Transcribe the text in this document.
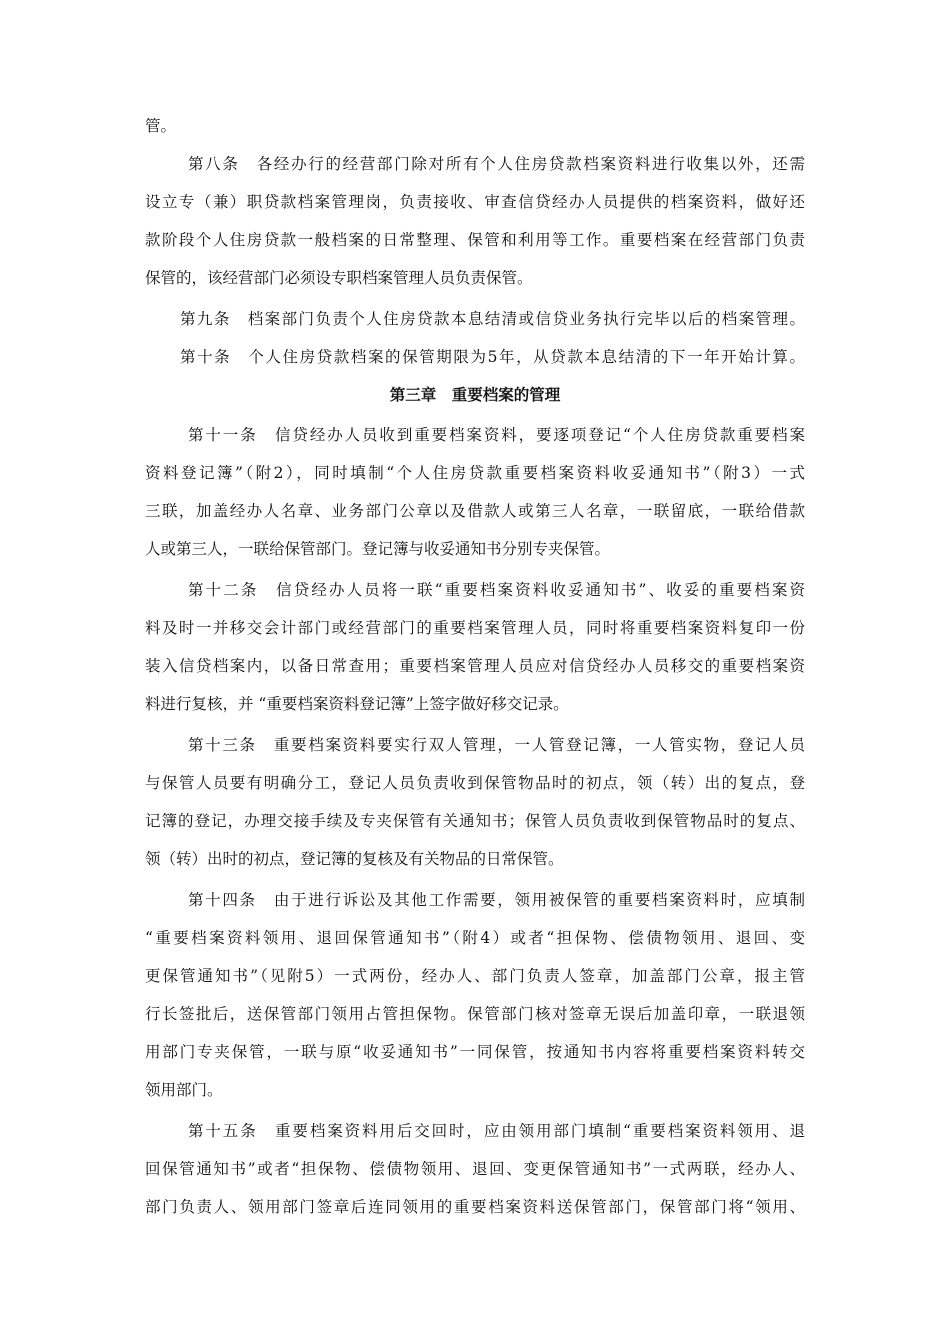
管。
第八条　各经办行的经营部门除对所有个人住房贷款档案资料进行收集以外，还需
设立专（兼）职贷款档案管理岗，负责接收、审查信贷经办人员提供的档案资料，做好还
款阶段个人住房贷款一般档案的日常整理、保管和利用等工作。重要档案在经营部门负责
保管的，该经营部门必须设专职档案管理人员负责保管。
第九条　档案部门负责个人住房贷款本息结清或信贷业务执行完毕以后的档案管理。
第十条　个人住房贷款档案的保管期限为5年，从贷款本息结清的下一年开始计算。
第三章　重要档案的管理
第十一条　信贷经办人员收到重要档案资料，要逐项登记“个人住房贷款重要档案
资料登记簿”（附2），同时填制“个人住房贷款重要档案资料收妥通知书”（附3）一式
三联，加盖经办人名章、业务部门公章以及借款人或第三人名章，一联留底，一联给借款
人或第三人，一联给保管部门。登记簿与收妥通知书分别专夹保管。
第十二条　信贷经办人员将一联“重要档案资料收妥通知书”、收妥的重要档案资
料及时一并移交会计部门或经营部门的重要档案管理人员，同时将重要档案资料复印一份
装入信贷档案内，以备日常查用；重要档案管理人员应对信贷经办人员移交的重要档案资
料进行复核，并 “重要档案资料登记簿”上签字做好移交记录。
第十三条　重要档案资料要实行双人管理，一人管登记簿，一人管实物，登记人员
与保管人员要有明确分工，登记人员负责收到保管物品时的初点，领（转）出的复点，登
记簿的登记，办理交接手续及专夹保管有关通知书；保管人员负责收到保管物品时的复点、
领（转）出时的初点，登记簿的复核及有关物品的日常保管。
第十四条　由于进行诉讼及其他工作需要，领用被保管的重要档案资料时，应填制
“重要档案资料领用、退回保管通知书”（附4）或者“担保物、偿债物领用、退回、变
更保管通知书”（见附5）一式两份，经办人、部门负责人签章，加盖部门公章，报主管
行长签批后，送保管部门领用占管担保物。保管部门核对签章无误后加盖印章，一联退领
用部门专夹保管，一联与原“收妥通知书”一同保管，按通知书内容将重要档案资料转交
领用部门。
第十五条　重要档案资料用后交回时，应由领用部门填制“重要档案资料领用、退
回保管通知书”或者“担保物、偿债物领用、退回、变更保管通知书”一式两联，经办人、
部门负责人、领用部门签章后连同领用的重要档案资料送保管部门，保管部门将“领用、
